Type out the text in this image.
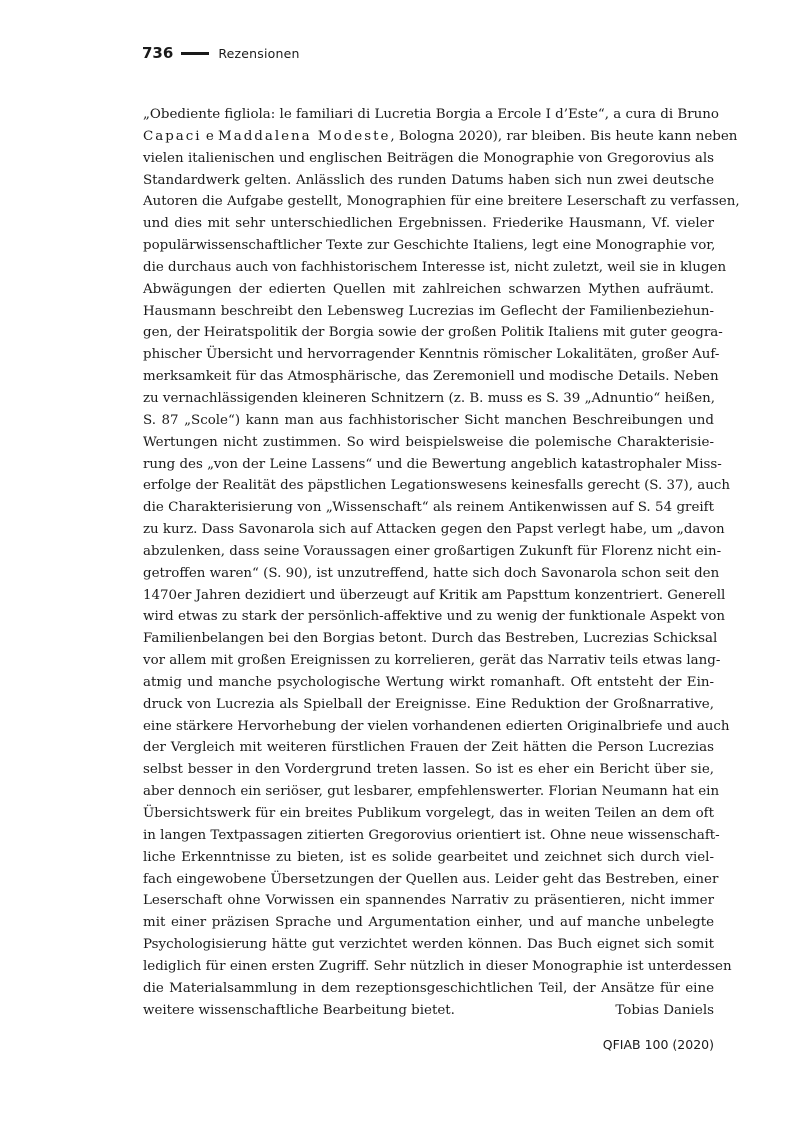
736	Rezensionen
„Obediente figliola: le familiari di Lucretia Borgia a Ercole I d’Este“, a cura di Bruno
Capaci e Maddalena Modeste, Bologna 2020), rar bleiben. Bis heute kann neben
vielen italienischen und englischen Beiträgen die Monographie von Gregorovius als
Standardwerk gelten. Anlässlich des runden Datums haben sich nun zwei deutsche
Autoren die Aufgabe gestellt, Monographien für eine breitere Leserschaft zu verfassen,
und dies mit sehr unterschiedlichen Ergebnissen. Friederike Hausmann, Vf. vieler
populärwissenschaftlicher Texte zur Geschichte Italiens, legt eine Monographie vor,
die durchaus auch von fachhistorischem Interesse ist, nicht zuletzt, weil sie in klugen
Abwägungen der edierten Quellen mit zahlreichen schwarzen Mythen aufräumt.
Hausmann beschreibt den Lebensweg Lucrezias im Geflecht der Familienbeziehun-
gen, der Heiratspolitik der Borgia sowie der großen Politik Italiens mit guter geogra-
phischer Übersicht und hervorragender Kenntnis römischer Lokalitäten, großer Auf-
merksamkeit für das Atmosphärische, das Zeremoniell und modische Details. Neben
zu vernachlässigenden kleineren Schnitzern (z. B. muss es S. 39 „Adnuntio“ heißen,
S. 87 „Scole“) kann man aus fachhistorischer Sicht manchen Beschreibungen und
Wertungen nicht zustimmen. So wird beispielsweise die polemische Charakterisie-
rung des „von der Leine Lassens“ und die Bewertung angeblich katastrophaler Miss-
erfolge der Realität des päpstlichen Legationswesens keinesfalls gerecht (S. 37), auch
die Charakterisierung von „Wissenschaft“ als reinem Antikenwissen auf S. 54 greift
zu kurz. Dass Savonarola sich auf Attacken gegen den Papst verlegt habe, um „davon
abzulenken, dass seine Voraussagen einer großartigen Zukunft für Florenz nicht ein-
getroffen waren“ (S. 90), ist unzutreffend, hatte sich doch Savonarola schon seit den
1470er Jahren dezidiert und überzeugt auf Kritik am Papsttum konzentriert. Generell
wird etwas zu stark der persönlich-affektive und zu wenig der funktionale Aspekt von
Familienbelangen bei den Borgias betont. Durch das Bestreben, Lucrezias Schicksal
vor allem mit großen Ereignissen zu korrelieren, gerät das Narrativ teils etwas lang-
atmig und manche psychologische Wertung wirkt romanhaft. Oft entsteht der Ein-
druck von Lucrezia als Spielball der Ereignisse. Eine Reduktion der Großnarrative,
eine stärkere Hervorhebung der vielen vorhandenen edierten Originalbriefe und auch
der Vergleich mit weiteren fürstlichen Frauen der Zeit hätten die Person Lucrezias
selbst besser in den Vordergrund treten lassen. So ist es eher ein Bericht über sie,
aber dennoch ein seriöser, gut lesbarer, empfehlenswerter. Florian Neumann hat ein
Übersichtswerk für ein breites Publikum vorgelegt, das in weiten Teilen an dem oft
in langen Textpassagen zitierten Gregorovius orientiert ist. Ohne neue wissenschaft-
liche Erkenntnisse zu bieten, ist es solide gearbeitet und zeichnet sich durch viel-
fach eingewobene Übersetzungen der Quellen aus. Leider geht das Bestreben, einer
Leserschaft ohne Vorwissen ein spannendes Narrativ zu präsentieren, nicht immer
mit einer präzisen Sprache und Argumentation einher, und auf manche unbelegte
Psychologisierung hätte gut verzichtet werden können. Das Buch eignet sich somit
lediglich für einen ersten Zugriff. Sehr nützlich in dieser Monographie ist unterdessen
die Materialsammlung in dem rezeptionsgeschichtlichen Teil, der Ansätze für eine
weitere wissenschaftliche Bearbeitung bietet.	Tobias Daniels
QFIAB 100 (2020)
